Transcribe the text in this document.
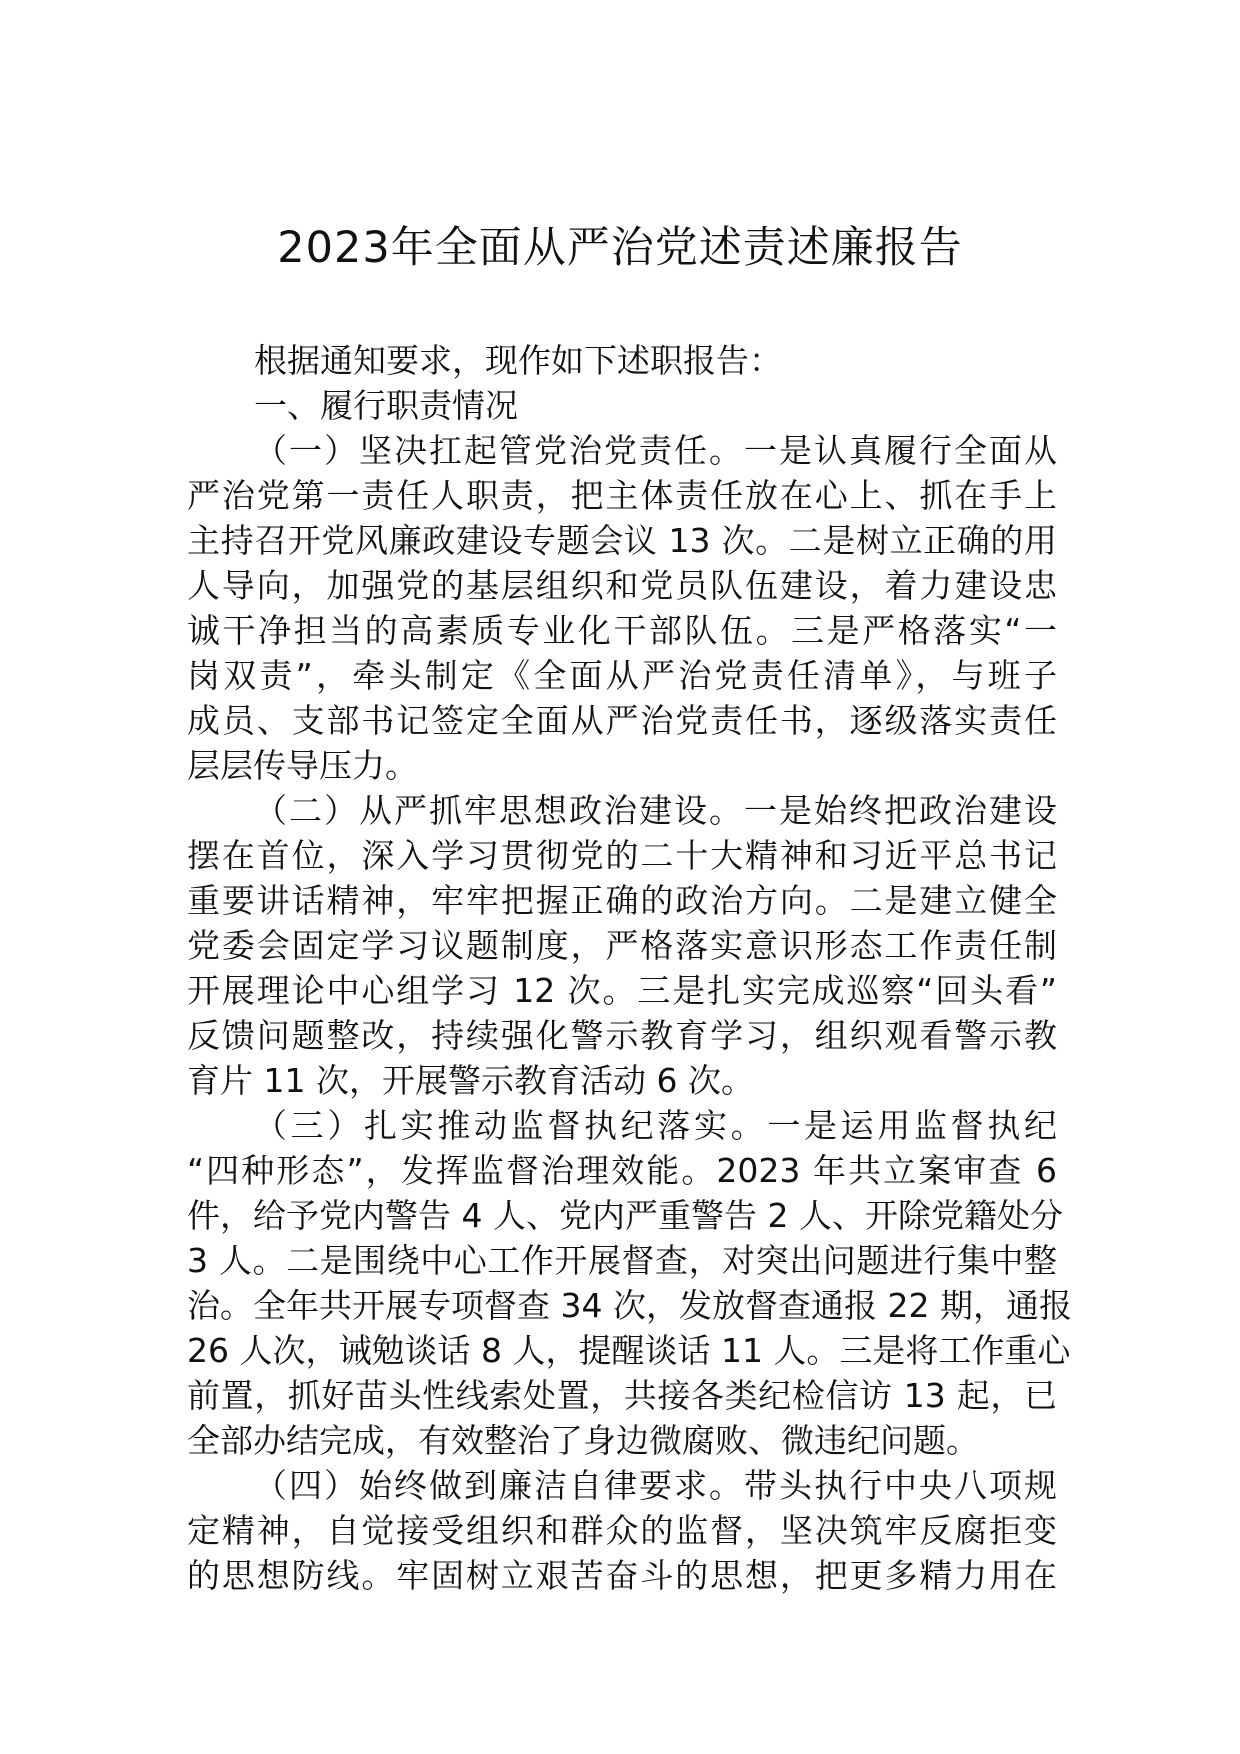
2023年全面从严治党述责述廉报告
根据通知要求，现作如下述职报告：
一、履行职责情况
（一）坚决扛起管党治党责任。一是认真履行全面从
严治党第一责任人职责，把主体责任放在心上、抓在手上
主持召开党风廉政建设专题会议 13 次。二是树立正确的用
人导向，加强党的基层组织和党员队伍建设，着力建设忠
诚干净担当的高素质专业化干部队伍。三是严格落实“一
岗双责”，牵头制定《全面从严治党责任清单》，与班子
成员、支部书记签定全面从严治党责任书，逐级落实责任
层层传导压力。
（二）从严抓牢思想政治建设。一是始终把政治建设
摆在首位，深入学习贯彻党的二十大精神和习近平总书记
重要讲话精神，牢牢把握正确的政治方向。二是建立健全
党委会固定学习议题制度，严格落实意识形态工作责任制
开展理论中心组学习 12 次。三是扎实完成巡察“回头看”
反馈问题整改，持续强化警示教育学习，组织观看警示教
育片 11 次，开展警示教育活动 6 次。
（三）扎实推动监督执纪落实。一是运用监督执纪
“四种形态”，发挥监督治理效能。2023 年共立案审查 6
件，给予党内警告 4 人、党内严重警告 2 人、开除党籍处分
3 人。二是围绕中心工作开展督查，对突出问题进行集中整
治。全年共开展专项督查 34 次，发放督查通报 22 期，通报
26 人次，诫勉谈话 8 人，提醒谈话 11 人。三是将工作重心
前置，抓好苗头性线索处置，共接各类纪检信访 13 起，已
全部办结完成，有效整治了身边微腐败、微违纪问题。
（四）始终做到廉洁自律要求。带头执行中央八项规
定精神，自觉接受组织和群众的监督，坚决筑牢反腐拒变
的思想防线。牢固树立艰苦奋斗的思想，把更多精力用在
